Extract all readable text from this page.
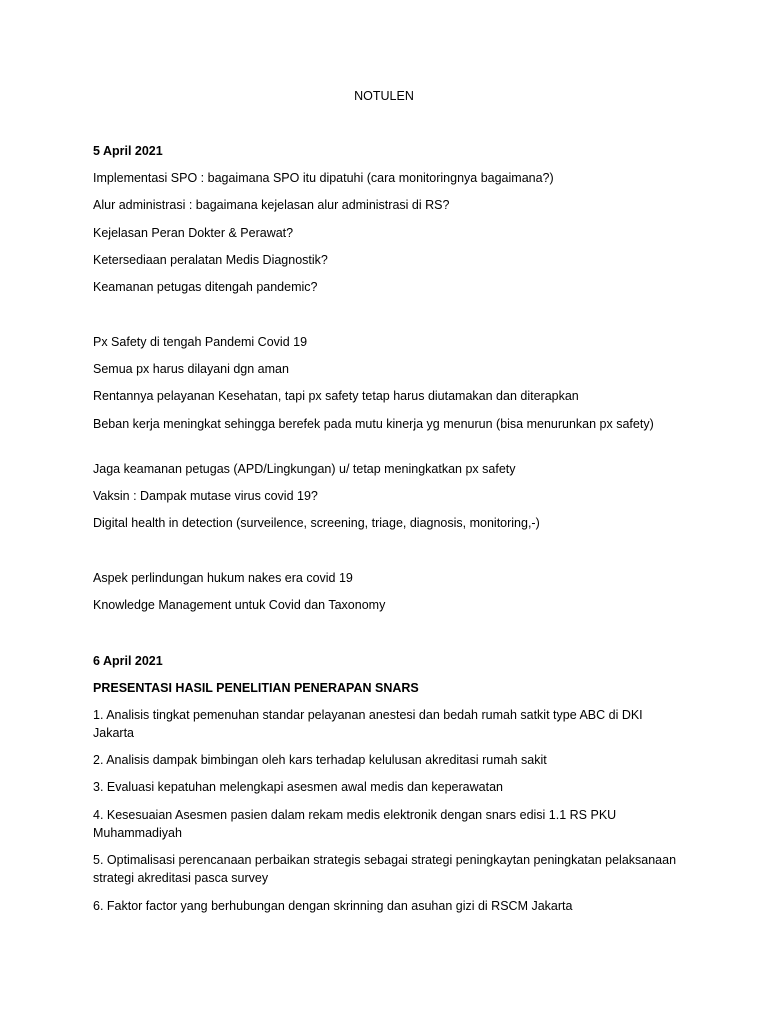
NOTULEN
5 April 2021
Implementasi SPO : bagaimana SPO itu dipatuhi (cara monitoringnya bagaimana?)
Alur administrasi : bagaimana kejelasan alur administrasi di RS?
Kejelasan Peran Dokter & Perawat?
Ketersediaan peralatan Medis Diagnostik?
Keamanan petugas ditengah pandemic?
Px Safety di tengah Pandemi Covid 19
Semua px harus dilayani dgn aman
Rentannya pelayanan Kesehatan, tapi px safety tetap harus diutamakan dan diterapkan
Beban kerja meningkat sehingga berefek pada mutu kinerja yg menurun (bisa menurunkan px safety)
Jaga keamanan petugas (APD/Lingkungan) u/ tetap meningkatkan px safety
Vaksin : Dampak mutase virus covid 19?
Digital health in detection (surveilence, screening, triage, diagnosis, monitoring,-)
Aspek perlindungan hukum nakes era covid 19
Knowledge Management untuk Covid dan Taxonomy
6 April 2021
PRESENTASI HASIL PENELITIAN PENERAPAN SNARS
1. Analisis tingkat pemenuhan standar pelayanan anestesi dan bedah rumah satkit type ABC di DKI Jakarta
2. Analisis dampak bimbingan oleh kars terhadap kelulusan akreditasi rumah sakit
3. Evaluasi kepatuhan melengkapi asesmen awal medis dan keperawatan
4. Kesesuaian Asesmen pasien dalam rekam medis elektronik dengan snars edisi 1.1 RS PKU Muhammadiyah
5. Optimalisasi perencanaan perbaikan strategis sebagai strategi peningkaytan peningkatan pelaksanaan strategi akreditasi pasca survey
6. Faktor factor yang berhubungan dengan skrinning dan asuhan gizi di RSCM Jakarta
